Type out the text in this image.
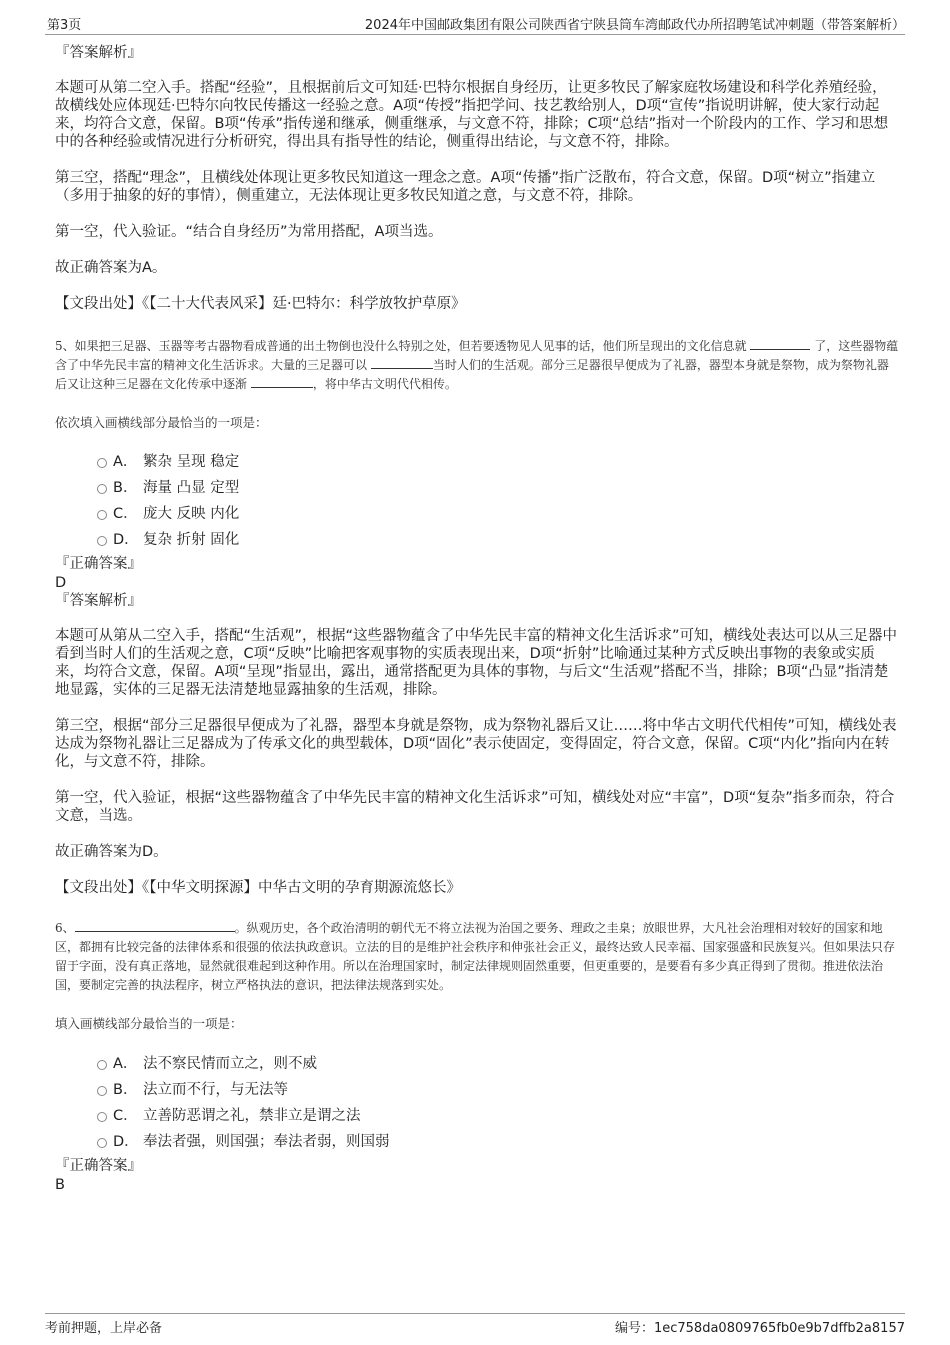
第3页	2024年中国邮政集团有限公司陕西省宁陕县筒车湾邮政代办所招聘笔试冲刺题（带答案解析）

『答案解析』

本题可从第二空入手。搭配“经验”，且根据前后文可知廷·巴特尔根据自身经历，让更多牧民了解家庭牧场建设和科学化养殖经验，故横线处应体现廷·巴特尔向牧民传播这一经验之意。A项“传授”指把学问、技艺教给别人，D项“宣传”指说明讲解，使大家行动起来，均符合文意，保留。B项“传承”指传递和继承，侧重继承，与文意不符，排除；C项“总结”指对一个阶段内的工作、学习和思想中的各种经验或情况进行分析研究，得出具有指导性的结论，侧重得出结论，与文意不符，排除。

第三空，搭配“理念”，且横线处体现让更多牧民知道这一理念之意。A项“传播”指广泛散布，符合文意，保留。D项“树立”指建立（多用于抽象的好的事情），侧重建立，无法体现让更多牧民知道之意，与文意不符，排除。

第一空，代入验证。“结合自身经历”为常用搭配，A项当选。

故正确答案为A。

【文段出处】《【二十大代表风采】廷·巴特尔：科学放牧护草原》

5、如果把三足器、玉器等考古器物看成普通的出土物倒也没什么特别之处，但若要透物见人见事的话，他们所呈现出的文化信息就	了，这些器物蕴含了中华先民丰富的精神文化生活诉求。大量的三足器可以	当时人们的生活观。部分三足器很早便成为了礼器，器型本身就是祭物，成为祭物礼器后又让这种三足器在文化传承中逐渐	，将中华古文明代代相传。

依次填入画横线部分最恰当的一项是：

A． 繁杂 呈现 稳定
B． 海量 凸显 定型
C． 庞大 反映 内化
D． 复杂 折射 固化

『正确答案』

D

『答案解析』

本题可从第从二空入手，搭配“生活观”，根据“这些器物蕴含了中华先民丰富的精神文化生活诉求”可知，横线处表达可以从三足器中看到当时人们的生活观之意，C项“反映”比喻把客观事物的实质表现出来，D项“折射”比喻通过某种方式反映出事物的表象或实质来，均符合文意，保留。A项“呈现”指显出，露出，通常搭配更为具体的事物，与后文“生活观”搭配不当，排除；B项“凸显”指清楚地显露，实体的三足器无法清楚地显露抽象的生活观，排除。

第三空，根据“部分三足器很早便成为了礼器，器型本身就是祭物，成为祭物礼器后又让……将中华古文明代代相传”可知，横线处表达成为祭物礼器让三足器成为了传承文化的典型载体，D项“固化”表示使固定，变得固定，符合文意，保留。C项“内化”指向内在转化，与文意不符，排除。

第一空，代入验证，根据“这些器物蕴含了中华先民丰富的精神文化生活诉求”可知，横线处对应“丰富”，D项“复杂”指多而杂，符合文意，当选。

故正确答案为D。

【文段出处】《【中华文明探源】中华古文明的孕育期源流悠长》

6、	。纵观历史，各个政治清明的朝代无不将立法视为治国之要务、理政之圭臬；放眼世界，大凡社会治理相对较好的国家和地区，都拥有比较完备的法律体系和很强的依法执政意识。立法的目的是维护社会秩序和伸张社会正义，最终达致人民幸福、国家强盛和民族复兴。但如果法只存留于字面，没有真正落地，显然就很难起到这种作用。所以在治理国家时，制定法律规则固然重要，但更重要的，是要看有多少真正得到了贯彻。推进依法治国，要制定完善的执法程序，树立严格执法的意识，把法律法规落到实处。

填入画横线部分最恰当的一项是：

A． 法不察民情而立之，则不威
B． 法立而不行，与无法等
C． 立善防恶谓之礼，禁非立是谓之法
D． 奉法者强，则国强；奉法者弱，则国弱

『正确答案』

B

考前押题，上岸必备	编号：1ec758da0809765fb0e9b7dffb2a8157
